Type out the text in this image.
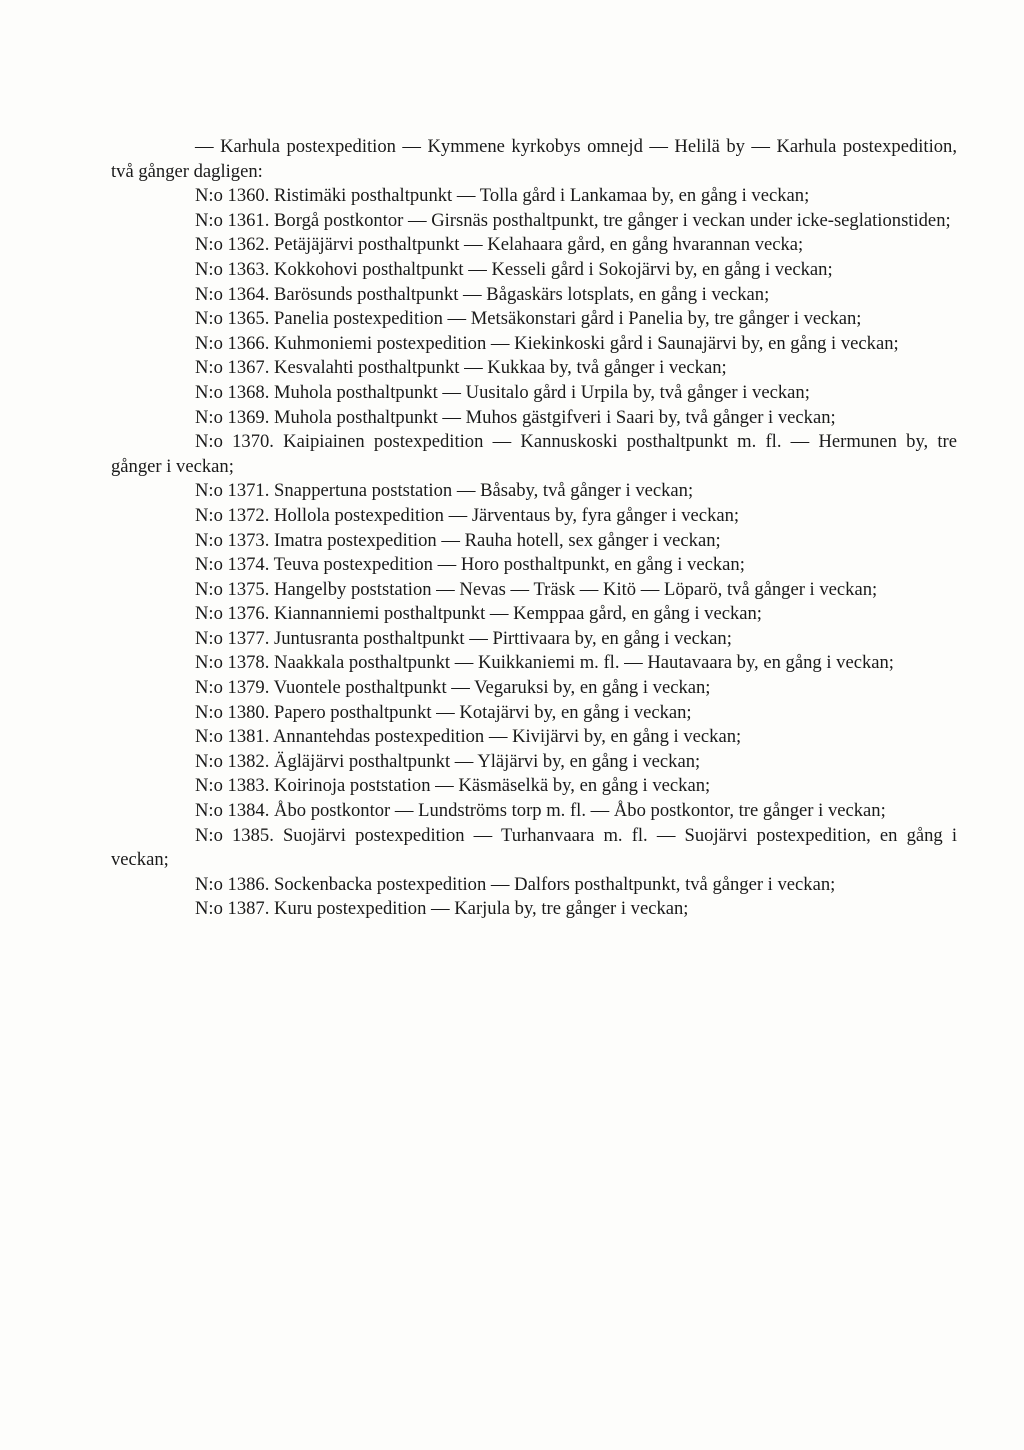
— Karhula postexpedition — Kymmene kyrkobys omnejd — Helilä by — Karhula postexpedition, två gånger dagligen:

N:o 1360. Ristimäki posthaltpunkt — Tolla gård i Lankamaa by, en gång i veckan;

N:o 1361. Borgå postkontor — Girsnäs posthaltpunkt, tre gånger i veckan under icke-seglationstiden;

N:o 1362. Petäjäjärvi posthaltpunkt — Kelahaara gård, en gång hvarannan vecka;

N:o 1363. Kokkohovi posthaltpunkt — Kesseli gård i Sokojärvi by, en gång i veckan;

N:o 1364. Barösunds posthaltpunkt — Bågaskärs lotsplats, en gång i veckan;

N:o 1365. Panelia postexpedition — Metsäkonstari gård i Panelia by, tre gånger i veckan;

N:o 1366. Kuhmoniemi postexpedition — Kiekinkoski gård i Saunajärvi by, en gång i veckan;

N:o 1367. Kesvalahti posthaltpunkt — Kukkaa by, två gånger i veckan;

N:o 1368. Muhola posthaltpunkt — Uusitalo gård i Urpila by, två gånger i veckan;

N:o 1369. Muhola posthaltpunkt — Muhos gästgifveri i Saari by, två gånger i veckan;

N:o 1370. Kaipiainen postexpedition — Kannuskoski posthaltpunkt m. fl. — Hermunen by, tre gånger i veckan;

N:o 1371. Snappertuna poststation — Båsaby, två gånger i veckan;

N:o 1372. Hollola postexpedition — Järventaus by, fyra gånger i veckan;

N:o 1373. Imatra postexpedition — Rauha hotell, sex gånger i veckan;

N:o 1374. Teuva postexpedition — Horo posthaltpunkt, en gång i veckan;

N:o 1375. Hangelby poststation — Nevas — Träsk — Kitö — Löparö, två gånger i veckan;

N:o 1376. Kiannanniemi posthaltpunkt — Kemppaa gård, en gång i veckan;

N:o 1377. Juntusranta posthaltpunkt — Pirttivaara by, en gång i veckan;

N:o 1378. Naakkala posthaltpunkt — Kuikkaniemi m. fl. — Hautavaara by, en gång i veckan;

N:o 1379. Vuontele posthaltpunkt — Vegaruksi by, en gång i veckan;

N:o 1380. Papero posthaltpunkt — Kotajärvi by, en gång i veckan;

N:o 1381. Annantehdas postexpedition — Kivijärvi by, en gång i veckan;

N:o 1382. Ägläjärvi posthaltpunkt — Yläjärvi by, en gång i veckan;

N:o 1383. Koirinoja poststation — Käsmäselkä by, en gång i veckan;

N:o 1384. Åbo postkontor — Lundströms torp m. fl. — Åbo postkontor, tre gånger i veckan;

N:o 1385. Suojärvi postexpedition — Turhanvaara m. fl. — Suojärvi postexpedition, en gång i veckan;

N:o 1386. Sockenbacka postexpedition — Dalfors posthaltpunkt, två gånger i veckan;

N:o 1387. Kuru postexpedition — Karjula by, tre gånger i veckan;
